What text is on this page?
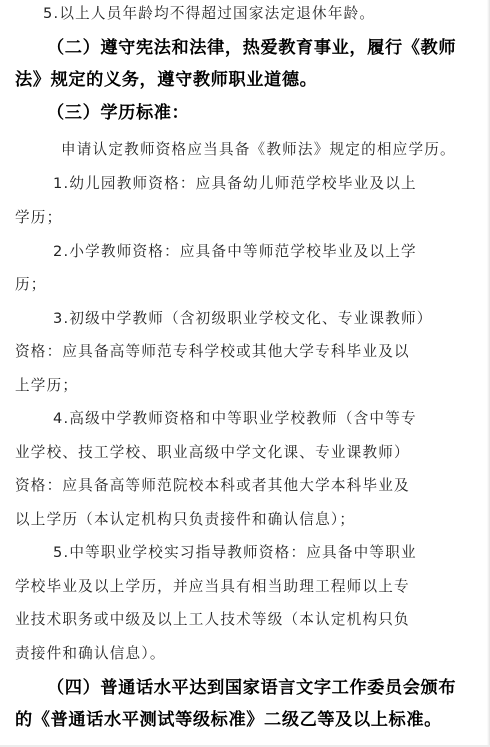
5.以上人员年龄均不得超过国家法定退休年龄。
（二）遵守宪法和法律，热爱教育事业，履行《教师
法》规定的义务，遵守教师职业道德。
（三）学历标准：
申请认定教师资格应当具备《教师法》规定的相应学历。
1.幼儿园教师资格：应具备幼儿师范学校毕业及以上
学历；
2.小学教师资格：应具备中等师范学校毕业及以上学
历；
3.初级中学教师（含初级职业学校文化、专业课教师）
资格：应具备高等师范专科学校或其他大学专科毕业及以
上学历；
4.高级中学教师资格和中等职业学校教师（含中等专
业学校、技工学校、职业高级中学文化课、专业课教师）
资格：应具备高等师范院校本科或者其他大学本科毕业及
以上学历（本认定机构只负责接件和确认信息）；
5.中等职业学校实习指导教师资格：应具备中等职业
学校毕业及以上学历，并应当具有相当助理工程师以上专
业技术职务或中级及以上工人技术等级（本认定机构只负
责接件和确认信息）。
（四）普通话水平达到国家语言文字工作委员会颁布
的《普通话水平测试等级标准》二级乙等及以上标准。
